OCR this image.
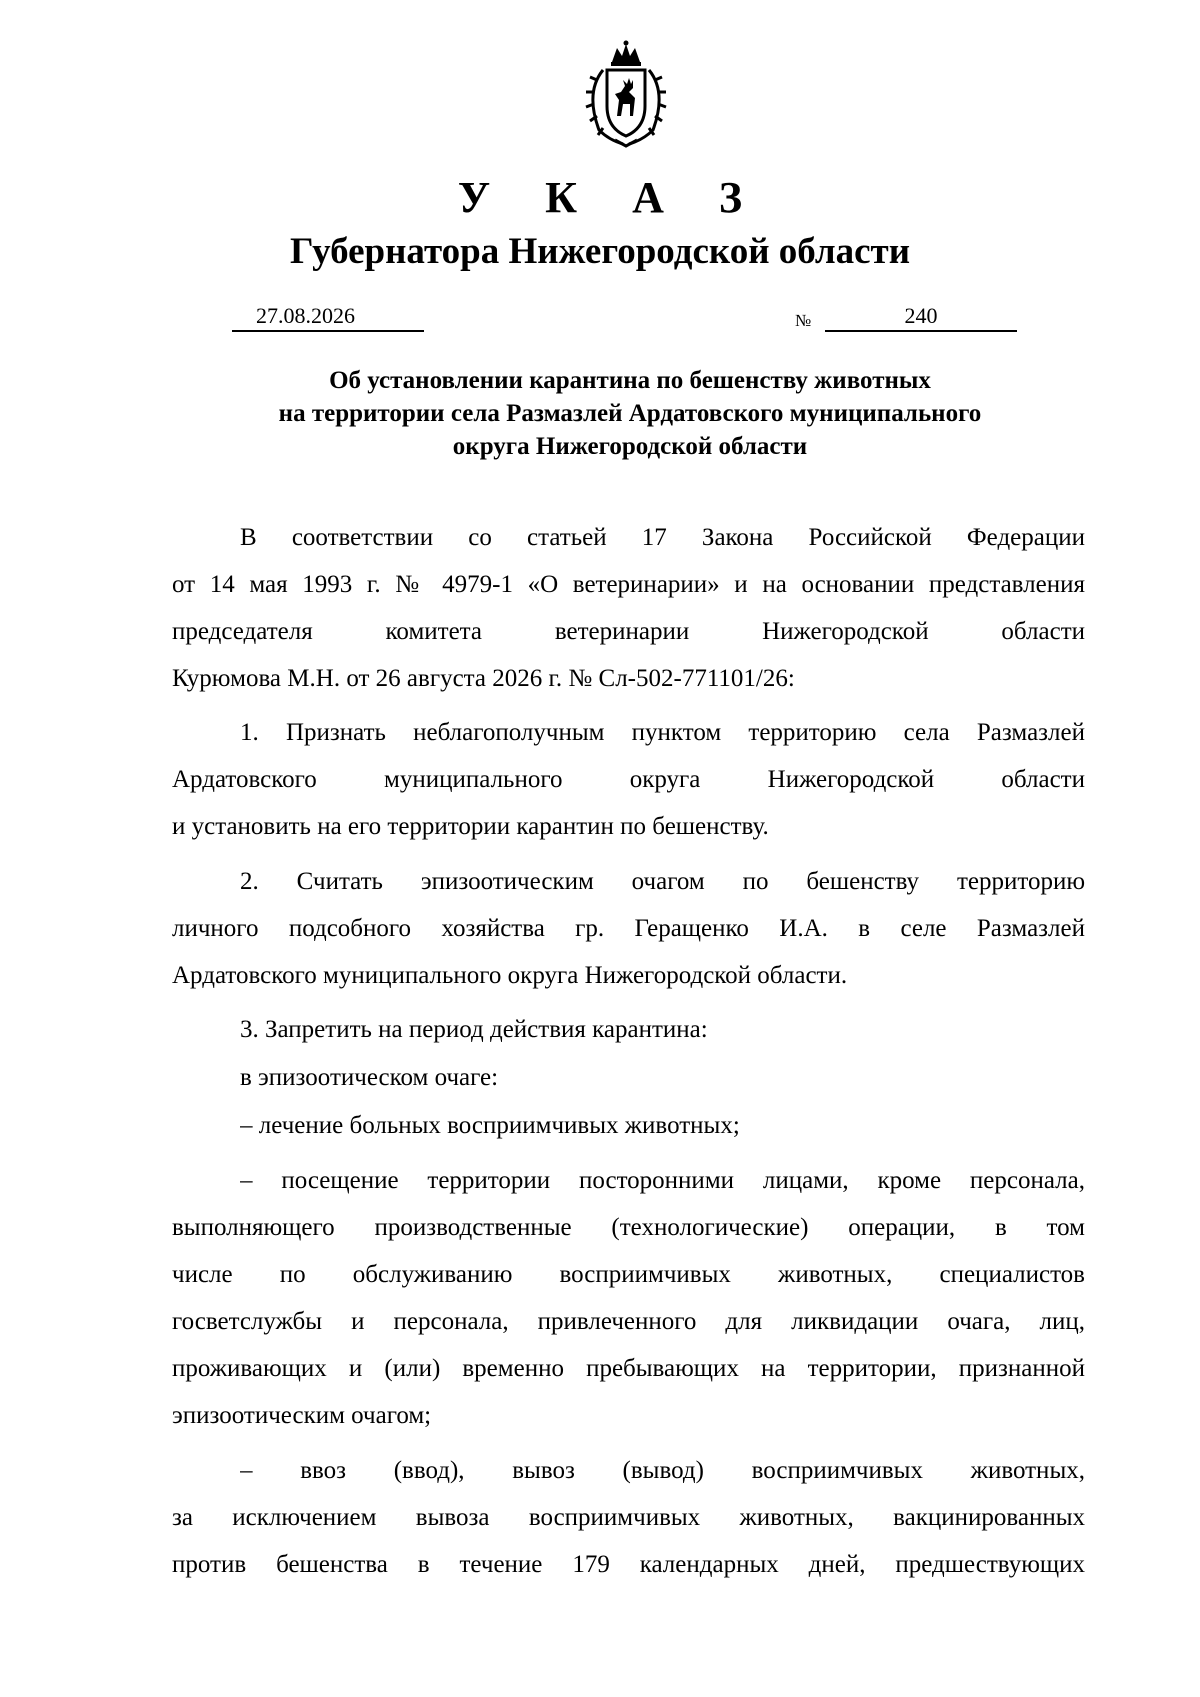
У К А З
Губернатора Нижегородской области
27.08.2026	№	240
Об установлении карантина по бешенству животных
на территории села Размазлей Ардатовского муниципального
округа Нижегородской области
В соответствии со статьей 17 Закона Российской Федерации
от 14 мая 1993 г. № 4979-1 «О ветеринарии» и на основании представления
председателя комитета ветеринарии Нижегородской области
Курюмова М.Н. от 26 августа 2026 г. № Сл-502-771101/26:
1. Признать неблагополучным пунктом территорию села Размазлей
Ардатовского муниципального округа Нижегородской области
и установить на его территории карантин по бешенству.
2. Считать эпизоотическим очагом по бешенству территорию
личного подсобного хозяйства гр. Геращенко И.А. в селе Размазлей
Ардатовского муниципального округа Нижегородской области.
3. Запретить на период действия карантина:
в эпизоотическом очаге:
– лечение больных восприимчивых животных;
– посещение территории посторонними лицами, кроме персонала,
выполняющего производственные (технологические) операции, в том
числе по обслуживанию восприимчивых животных, специалистов
госветслужбы и персонала, привлеченного для ликвидации очага, лиц,
проживающих и (или) временно пребывающих на территории, признанной
эпизоотическим очагом;
– ввоз (ввод), вывоз (вывод) восприимчивых животных,
за исключением вывоза восприимчивых животных, вакцинированных
против бешенства в течение 179 календарных дней, предшествующих
